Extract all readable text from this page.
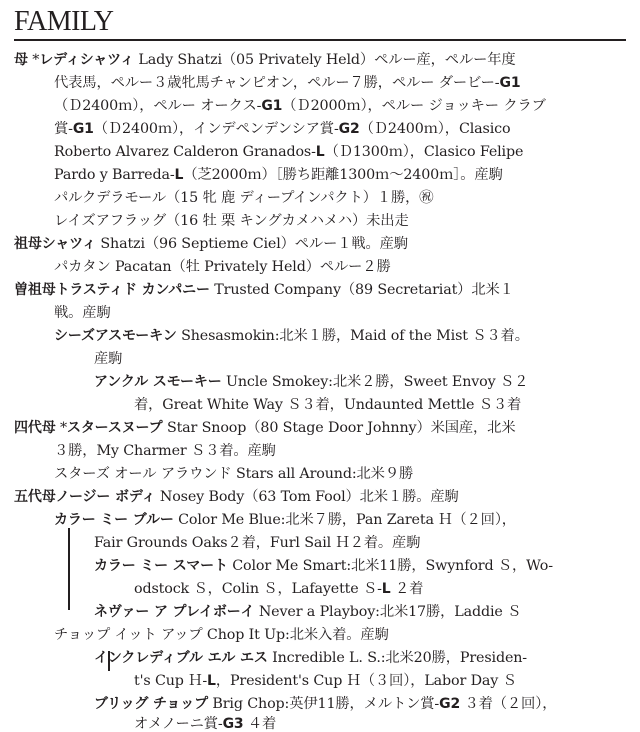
FAMILY
母 *レディシャツィ Lady Shatzi（05 Privately Held）ペルー産，ペルー年度
代表馬，ペルー３歳牝馬チャンピオン，ペルー７勝，ペルー ダービー-G1
（Ｄ2400ｍ），ペルー オークス-G1（Ｄ2000ｍ），ペルー ジョッキー クラブ
賞-G1（Ｄ2400ｍ），インデペンデンシア賞-G2（Ｄ2400ｍ），Clasico
Roberto Alvarez Calderon Granados-L（Ｄ1300ｍ），Clasico Felipe
Pardo y Barreda-L（芝2000ｍ）［勝ち距離1300ｍ～2400ｍ］。産駒
パルクデラモール（15 牝 鹿 ディープインパクト）１勝，㊗
レイズアフラッグ（16 牡 栗 キングカメハメハ）未出走
祖母シャツィ Shatzi（96 Septieme Ciel）ペルー１戦。産駒
パカタン Pacatan（牡 Privately Held）ペルー２勝
曽祖母トラスティド カンパニー Trusted Company（89 Secretariat）北米１
戦。産駒
シーズアスモーキン Shesasmokin:北米１勝，Maid of the Mist Ｓ３着。
産駒
アンクル スモーキー Uncle Smokey:北米２勝，Sweet Envoy Ｓ２
着，Great White Way Ｓ３着，Undaunted Mettle Ｓ３着
四代母 *スタースヌープ Star Snoop（80 Stage Door Johnny）米国産，北米
３勝，My Charmer Ｓ３着。産駒
スターズ オール アラウンド Stars all Around:北米９勝
五代母ノージー ボディ Nosey Body（63 Tom Fool）北米１勝。産駒
カラー ミー ブルー Color Me Blue:北米７勝，Pan Zareta Ｈ（２回），
Fair Grounds Oaks２着，Furl Sail Ｈ２着。産駒
カラー ミー スマート Color Me Smart:北米11勝，Swynford Ｓ，Wo-
odstock Ｓ，Colin Ｓ，Lafayette Ｓ-L ２着
ネヴァー ア プレイボーイ Never a Playboy:北米17勝，Laddie Ｓ
チョップ イット アップ Chop It Up:北米入着。産駒
インクレディブル エル エス Incredible L. S.:北米20勝，Presiden-
t's Cup Ｈ-L，President's Cup Ｈ（３回），Labor Day Ｓ
ブリッグ チョップ Brig Chop:英伊11勝，メルトン賞-G2 ３着（２回），
オメノーニ賞-G3 ４着
